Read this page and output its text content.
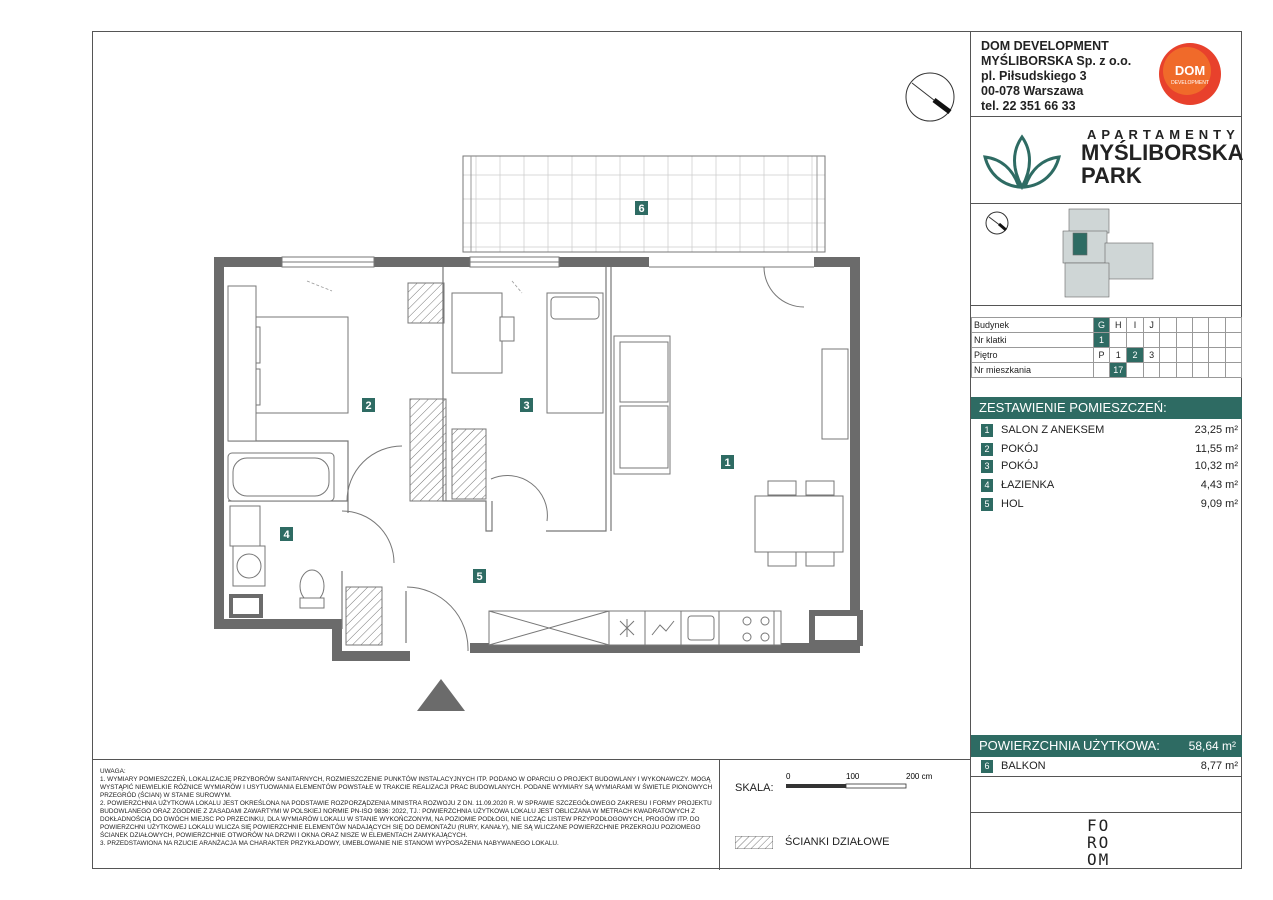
1
2	3
4
5
6
DOM DEVELOPMENT
MYŚLIBORSKA Sp. z o.o.
pl. Piłsudskiego 3
00-078 Warszawa
tel. 22 351 66 33
DOM
DEVELOPMENT
APARTAMENTY
MYŚLIBORSKA
PARK
Budynek	G	H	I	J					
Nr klatki	1								
Piętro	P	1	2	3					
Nr mieszkania		17							
ZESTAWIENIE POMIESZCZEŃ:
1	SALON Z ANEKSEM	23,25 m²
2	POKÓJ	11,55 m²
3	POKÓJ	10,32 m²
4	ŁAZIENKA	4,43 m²
5	HOL	9,09 m²
POWIERZCHNIA UŻYTKOWA: 58,64 m²
6	BALKON	8,77 m²
FO
RO
OM
UWAGA:
1. WYMIARY POMIESZCZEŃ, LOKALIZACJĘ PRZYBORÓW SANITARNYCH, ROZMIESZCZENIE PUNKTÓW INSTALACYJNYCH ITP. PODANO W OPARCIU O PROJEKT BUDOWLANY I WYKONAWCZY. MOGĄ WYSTĄPIĆ NIEWIELKIE RÓŻNICE WYMIARÓW I USYTUOWANIA ELEMENTÓW POWSTAŁE W TRAKCIE REALIZACJI PRAC BUDOWLANYCH. PODANE WYMIARY SĄ WYMIARAMI W ŚWIETLE PIONOWYCH PRZEGRÓD (ŚCIAN) W STANIE SUROWYM.
2. POWIERZCHNIA UŻYTKOWA LOKALU JEST OKREŚLONA NA PODSTAWIE ROZPORZĄDZENIA MINISTRA ROZWOJU Z DN. 11.09.2020 R. W SPRAWIE SZCZEGÓŁOWEGO ZAKRESU I FORMY PROJEKTU BUDOWLANEGO ORAZ ZGODNIE Z ZASADAMI ZAWARTYMI W POLSKIEJ NORMIE PN-ISO 9836: 2022, TJ.: POWIERZCHNIA UŻYTKOWA LOKALU JEST OBLICZANA W METRACH KWADRATOWYCH Z DOKŁADNOŚCIĄ DO DWÓCH MIEJSC PO PRZECINKU, DLA WYMIARÓW LOKALU W STANIE WYKOŃCZONYM, NA POZIOMIE PODŁOGI, NIE LICZĄC LISTEW PRZYPODŁOGOWYCH, PROGÓW ITP. DO POWIERZCHNI UŻYTKOWEJ LOKALU WLICZA SIĘ POWIERZCHNIE ELEMENTÓW NADAJĄCYCH SIĘ DO DEMONTAŻU (RURY, KANAŁY), NIE SĄ WLICZANE POWIERZCHNIE PRZEKROJU POZIOMEGO ŚCIANEK DZIAŁOWYCH, POWIERZCHNIE OTWORÓW NA DRZWI I OKNA ORAZ NISZE W ELEMENTACH ZAMYKAJĄCYCH.
3. PRZEDSTAWIONA NA RZUCIE ARANŻACJA MA CHARAKTER PRZYKŁADOWY, UMEBLOWANIE NIE STANOWI WYPOSAŻENIA NABYWANEGO LOKALU.
SKALA:
0	100	200 cm
ŚCIANKI DZIAŁOWE
